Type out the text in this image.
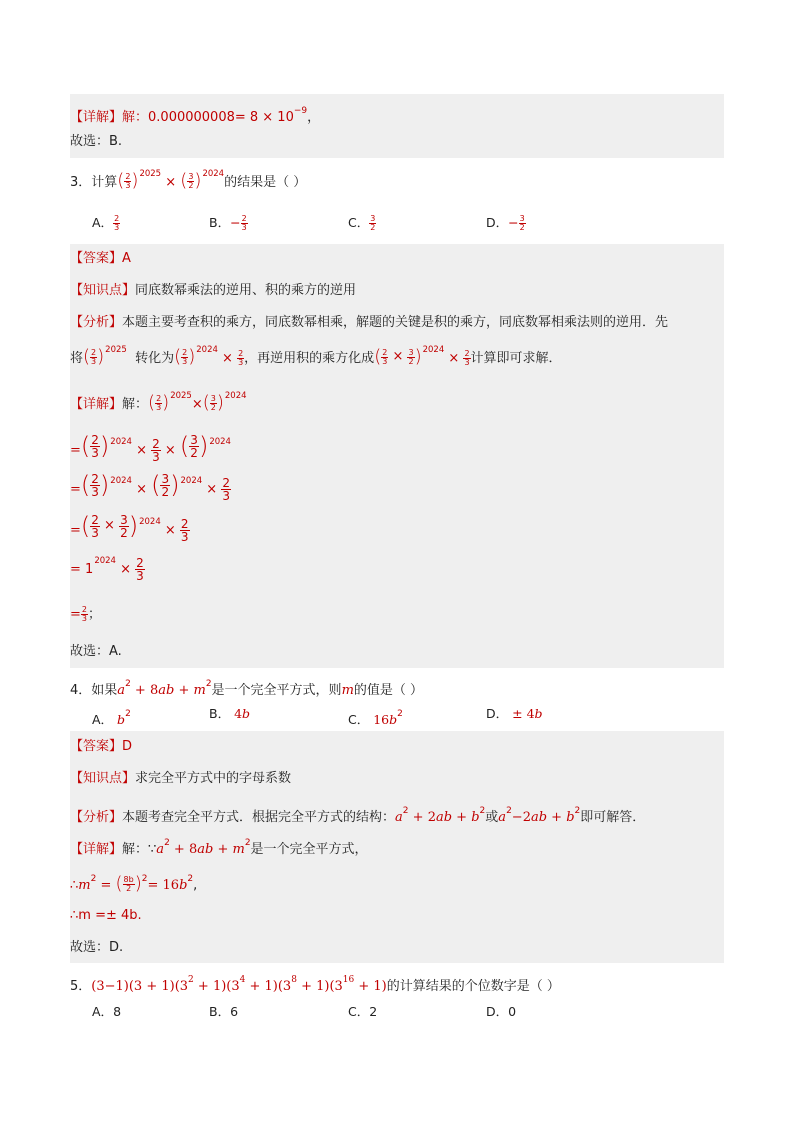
【详解】解：$0.000000008= 8 \times 10^{-9}$，
故选：B.
3．计算 ( $\frac{2}{3}$ ) $^{2025}$ × ( $\frac{3}{2}$ ) $^{2024}$的结果是（ ）
A． $\frac{2}{3}$	B．− $\frac{2}{3}$	C． $\frac{3}{2}$	D．− $\frac{3}{2}$
【答案】A
【知识点】同底数幂乘法的逆用、积的乘方的逆用
【分析】本题主要考查积的乘方，同底数幂相乘，解题的关键是积的乘方，同底数幂相乘法则的逆用．先
将 ( $\frac{2}{3}$ ) $^{2025}$  转化为 ( $\frac{2}{3}$ ) $^{2024} \times \frac{2}{3}$ ，再逆用积的乘方化成 ( $\frac{2}{3} \times \frac{3}{2}$ ) $^{2024} \times \frac{2}{3}$ 计算即可求解．
【详解】解： ( $\frac{2}{3}$ ) $^{2025}$× ( $\frac{3}{2}$ ) $^{2024}$
= ( $\frac{2}{3}$ ) $^{2024} \times \frac{2}{3}$ × ( $\frac{3}{2}$ ) $^{2024}$
= ( $\frac{2}{3}$ ) $^{2024}$ × ( $\frac{3}{2}$ ) $^{2024} \times \frac{2}{3}$
= ( $\frac{2}{3} \times \frac{3}{2}$ ) $^{2024} \times \frac{2}{3}$
= $1^{2024} \times \frac{2}{3}$
= $\frac{2}{3}$ ；
故选：A.
4．如果$a^2 + 8ab + m^2$是一个完全平方式，则m的值是（ ）
A． $b^2$	B． 4b	C． $16b^2$	D． ± 4b
【答案】D
【知识点】求完全平方式中的字母系数
【分析】本题考查完全平方式．根据完全平方式的结构：$a^2 + 2ab + b^2$或$a^2-2ab + b^2$即可解答．
【详解】解：$\because a^2 + 8ab + m^2$是一个完全平方式，
$\therefore m^2$ = ( $\frac{8b}{2}$ ) $^2= 16b^2$,
∴m =± 4b.
故选：D.
5．$(3-1)(3 + 1)(3^2 + 1)(3^4 + 1)(3^8 + 1)(3^{16} + 1)$的计算结果的个位数字是（ ）
A．8	B．6	C．2	D．0
